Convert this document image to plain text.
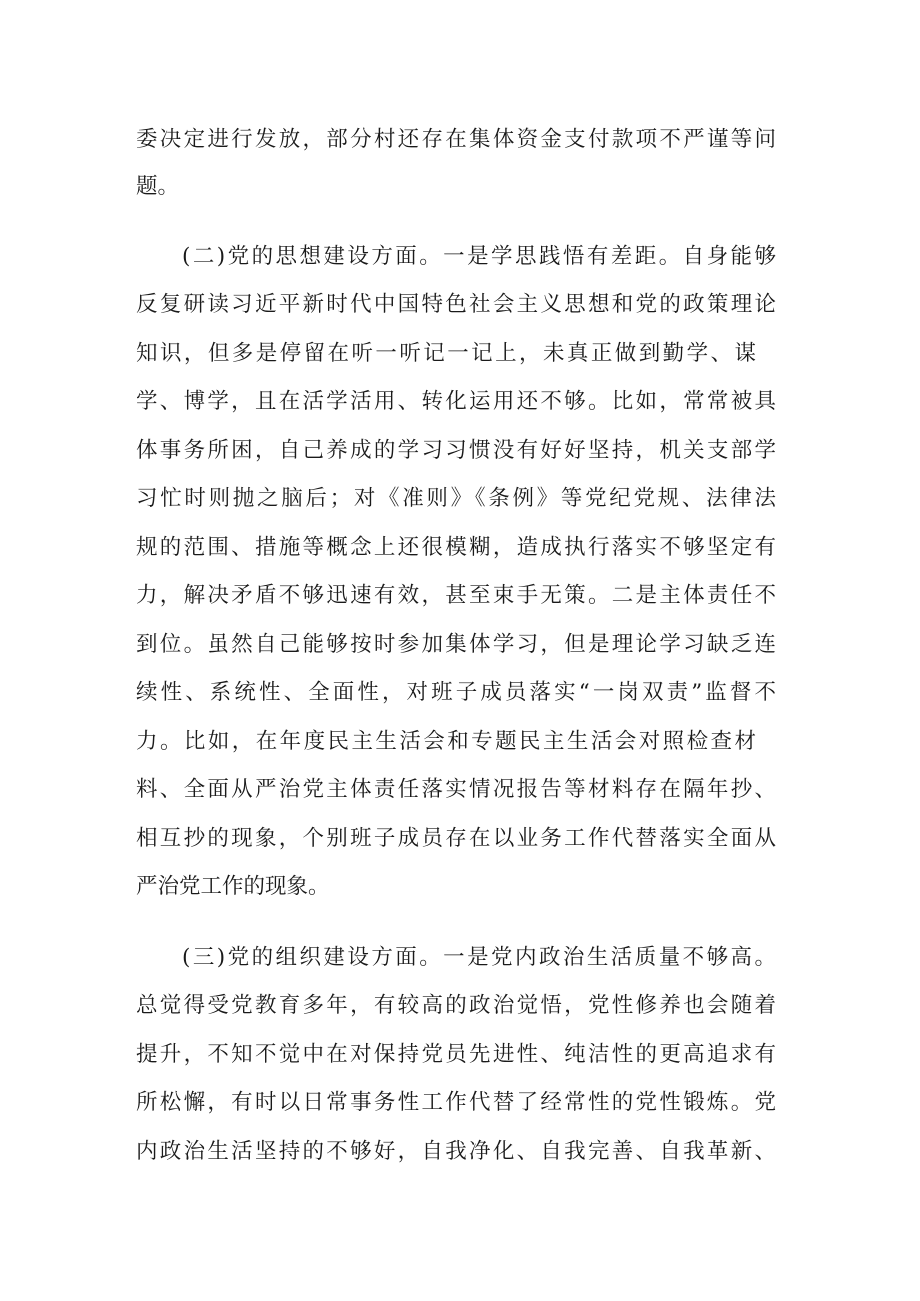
委决定进行发放，部分村还存在集体资金支付款项不严谨等问
题。
(二)党的思想建设方面。一是学思践悟有差距。自身能够
反复研读习近平新时代中国特色社会主义思想和党的政策理论
知识，但多是停留在听一听记一记上，未真正做到勤学、谋
学、博学，且在活学活用、转化运用还不够。比如，常常被具
体事务所困，自己养成的学习习惯没有好好坚持，机关支部学
习忙时则抛之脑后；对《准则》《条例》等党纪党规、法律法
规的范围、措施等概念上还很模糊，造成执行落实不够坚定有
力，解决矛盾不够迅速有效，甚至束手无策。二是主体责任不
到位。虽然自己能够按时参加集体学习，但是理论学习缺乏连
续性、系统性、全面性，对班子成员落实“一岗双责”监督不
力。比如，在年度民主生活会和专题民主生活会对照检查材
料、全面从严治党主体责任落实情况报告等材料存在隔年抄、
相互抄的现象，个别班子成员存在以业务工作代替落实全面从
严治党工作的现象。
(三)党的组织建设方面。一是党内政治生活质量不够高。
总觉得受党教育多年，有较高的政治觉悟，党性修养也会随着
提升，不知不觉中在对保持党员先进性、纯洁性的更高追求有
所松懈，有时以日常事务性工作代替了经常性的党性锻炼。党
内政治生活坚持的不够好，自我净化、自我完善、自我革新、
